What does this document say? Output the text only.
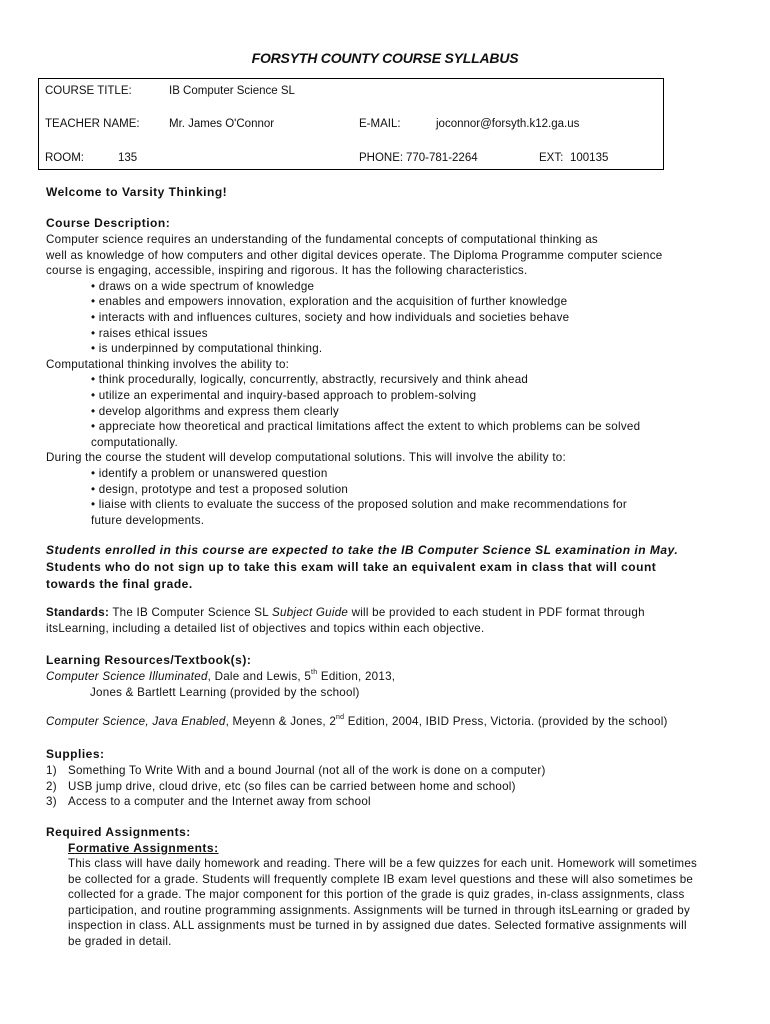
FORSYTH COUNTY COURSE SYLLABUS
COURSE TITLE:	IB Computer Science SL
TEACHER NAME:	Mr. James O'Connor	E-MAIL:	joconnor@forsyth.k12.ga.us
ROOM:	135	PHONE: 770-781-2264	EXT: 100135
Welcome to Varsity Thinking!
Course Description:
Computer science requires an understanding of the fundamental concepts of computational thinking as
well as knowledge of how computers and other digital devices operate. The Diploma Programme computer science
course is engaging, accessible, inspiring and rigorous. It has the following characteristics.
• draws on a wide spectrum of knowledge
• enables and empowers innovation, exploration and the acquisition of further knowledge
• interacts with and influences cultures, society and how individuals and societies behave
• raises ethical issues
• is underpinned by computational thinking.
Computational thinking involves the ability to:
• think procedurally, logically, concurrently, abstractly, recursively and think ahead
• utilize an experimental and inquiry-based approach to problem-solving
• develop algorithms and express them clearly
• appreciate how theoretical and practical limitations affect the extent to which problems can be solved
computationally.
During the course the student will develop computational solutions. This will involve the ability to:
• identify a problem or unanswered question
• design, prototype and test a proposed solution
• liaise with clients to evaluate the success of the proposed solution and make recommendations for
future developments.
Students enrolled in this course are expected to take the IB Computer Science SL examination in May.
Students who do not sign up to take this exam will take an equivalent exam in class that will count
towards the final grade.
Standards: The IB Computer Science SL Subject Guide will be provided to each student in PDF format through
itsLearning, including a detailed list of objectives and topics within each objective.
Learning Resources/Textbook(s):
Computer Science Illuminated, Dale and Lewis, 5th Edition, 2013,
Jones & Bartlett Learning (provided by the school)
Computer Science, Java Enabled, Meyenn & Jones, 2nd Edition, 2004, IBID Press, Victoria. (provided by the school)
Supplies:
1) Something To Write With and a bound Journal (not all of the work is done on a computer)
2) USB jump drive, cloud drive, etc (so files can be carried between home and school)
3) Access to a computer and the Internet away from school
Required Assignments:
Formative Assignments:
This class will have daily homework and reading. There will be a few quizzes for each unit. Homework will sometimes
be collected for a grade. Students will frequently complete IB exam level questions and these will also sometimes be
collected for a grade. The major component for this portion of the grade is quiz grades, in-class assignments, class
participation, and routine programming assignments. Assignments will be turned in through itsLearning or graded by
inspection in class. ALL assignments must be turned in by assigned due dates. Selected formative assignments will
be graded in detail.
